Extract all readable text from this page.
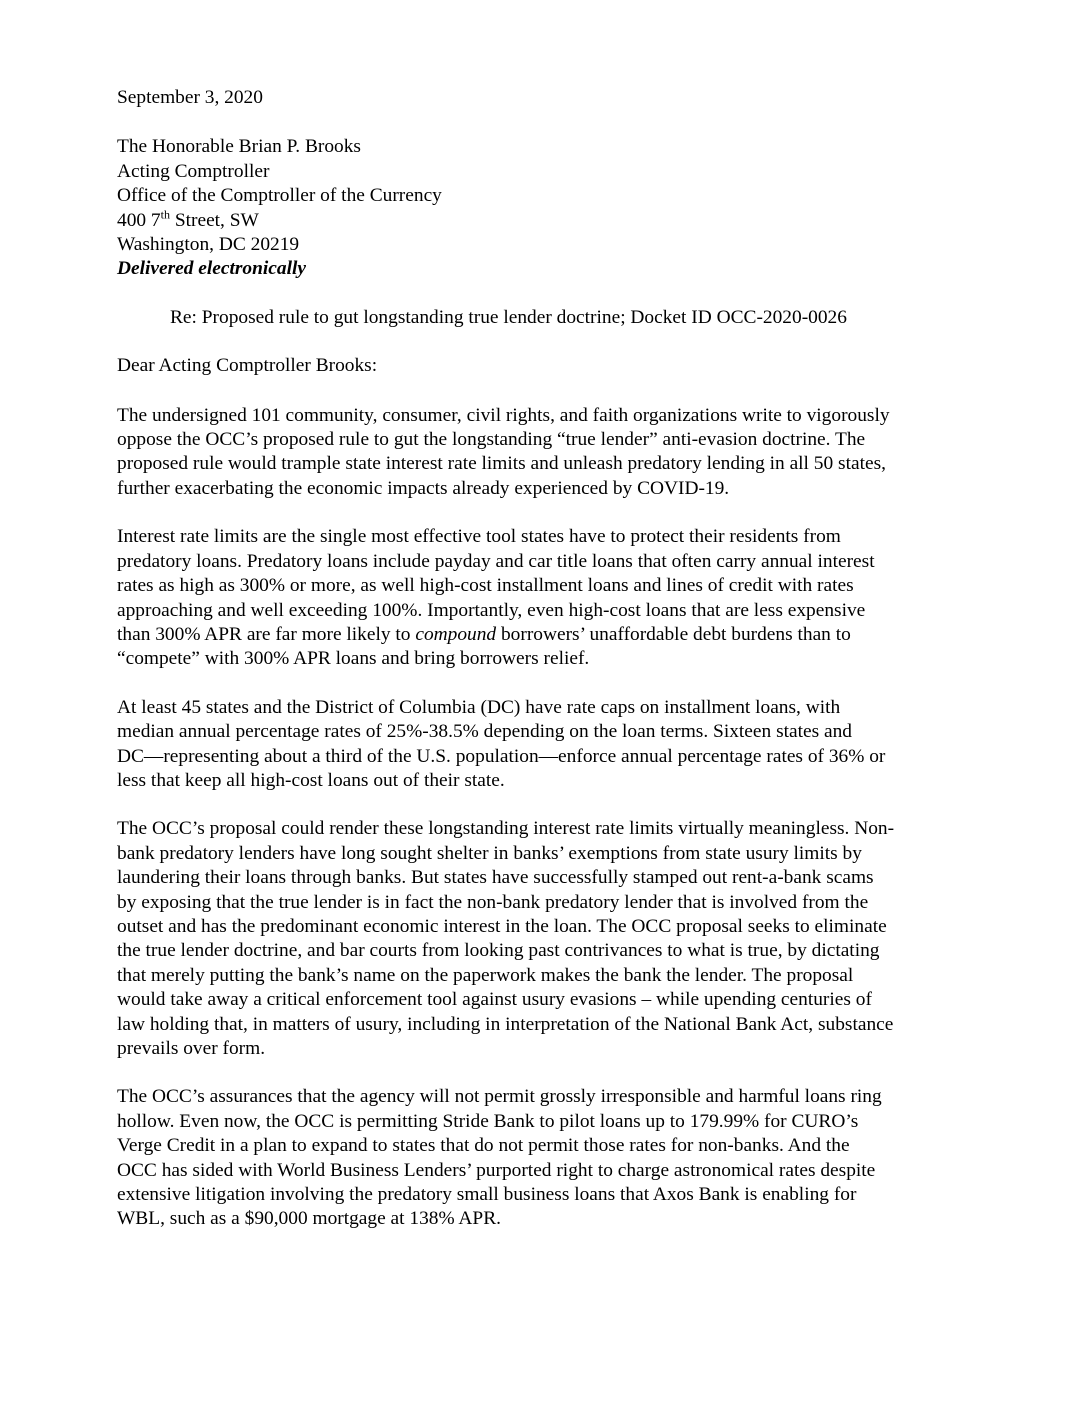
September 3, 2020

The Honorable Brian P. Brooks

Acting Comptroller

Office of the Comptroller of the Currency

400 7th Street, SW

Washington, DC 20219

Delivered electronically

Re: Proposed rule to gut longstanding true lender doctrine; Docket ID OCC-2020-0026

Dear Acting Comptroller Brooks:

The undersigned 101 community, consumer, civil rights, and faith organizations write to vigorously

oppose the OCC’s proposed rule to gut the longstanding “true lender” anti-evasion doctrine. The

proposed rule would trample state interest rate limits and unleash predatory lending in all 50 states,

further exacerbating the economic impacts already experienced by COVID-19.

Interest rate limits are the single most effective tool states have to protect their residents from

predatory loans. Predatory loans include payday and car title loans that often carry annual interest

rates as high as 300% or more, as well high-cost installment loans and lines of credit with rates

approaching and well exceeding 100%. Importantly, even high-cost loans that are less expensive

than 300% APR are far more likely to compound borrowers’ unaffordable debt burdens than to

“compete” with 300% APR loans and bring borrowers relief.

At least 45 states and the District of Columbia (DC) have rate caps on installment loans, with

median annual percentage rates of 25%-38.5% depending on the loan terms. Sixteen states and

DC—representing about a third of the U.S. population—enforce annual percentage rates of 36% or

less that keep all high-cost loans out of their state.

The OCC’s proposal could render these longstanding interest rate limits virtually meaningless. Non-

bank predatory lenders have long sought shelter in banks’ exemptions from state usury limits by

laundering their loans through banks. But states have successfully stamped out rent-a-bank scams

by exposing that the true lender is in fact the non-bank predatory lender that is involved from the

outset and has the predominant economic interest in the loan. The OCC proposal seeks to eliminate

the true lender doctrine, and bar courts from looking past contrivances to what is true, by dictating

that merely putting the bank’s name on the paperwork makes the bank the lender. The proposal

would take away a critical enforcement tool against usury evasions – while upending centuries of

law holding that, in matters of usury, including in interpretation of the National Bank Act, substance

prevails over form.

The OCC’s assurances that the agency will not permit grossly irresponsible and harmful loans ring

hollow. Even now, the OCC is permitting Stride Bank to pilot loans up to 179.99% for CURO’s

Verge Credit in a plan to expand to states that do not permit those rates for non-banks. And the

OCC has sided with World Business Lenders’ purported right to charge astronomical rates despite

extensive litigation involving the predatory small business loans that Axos Bank is enabling for

WBL, such as a $90,000 mortgage at 138% APR.
